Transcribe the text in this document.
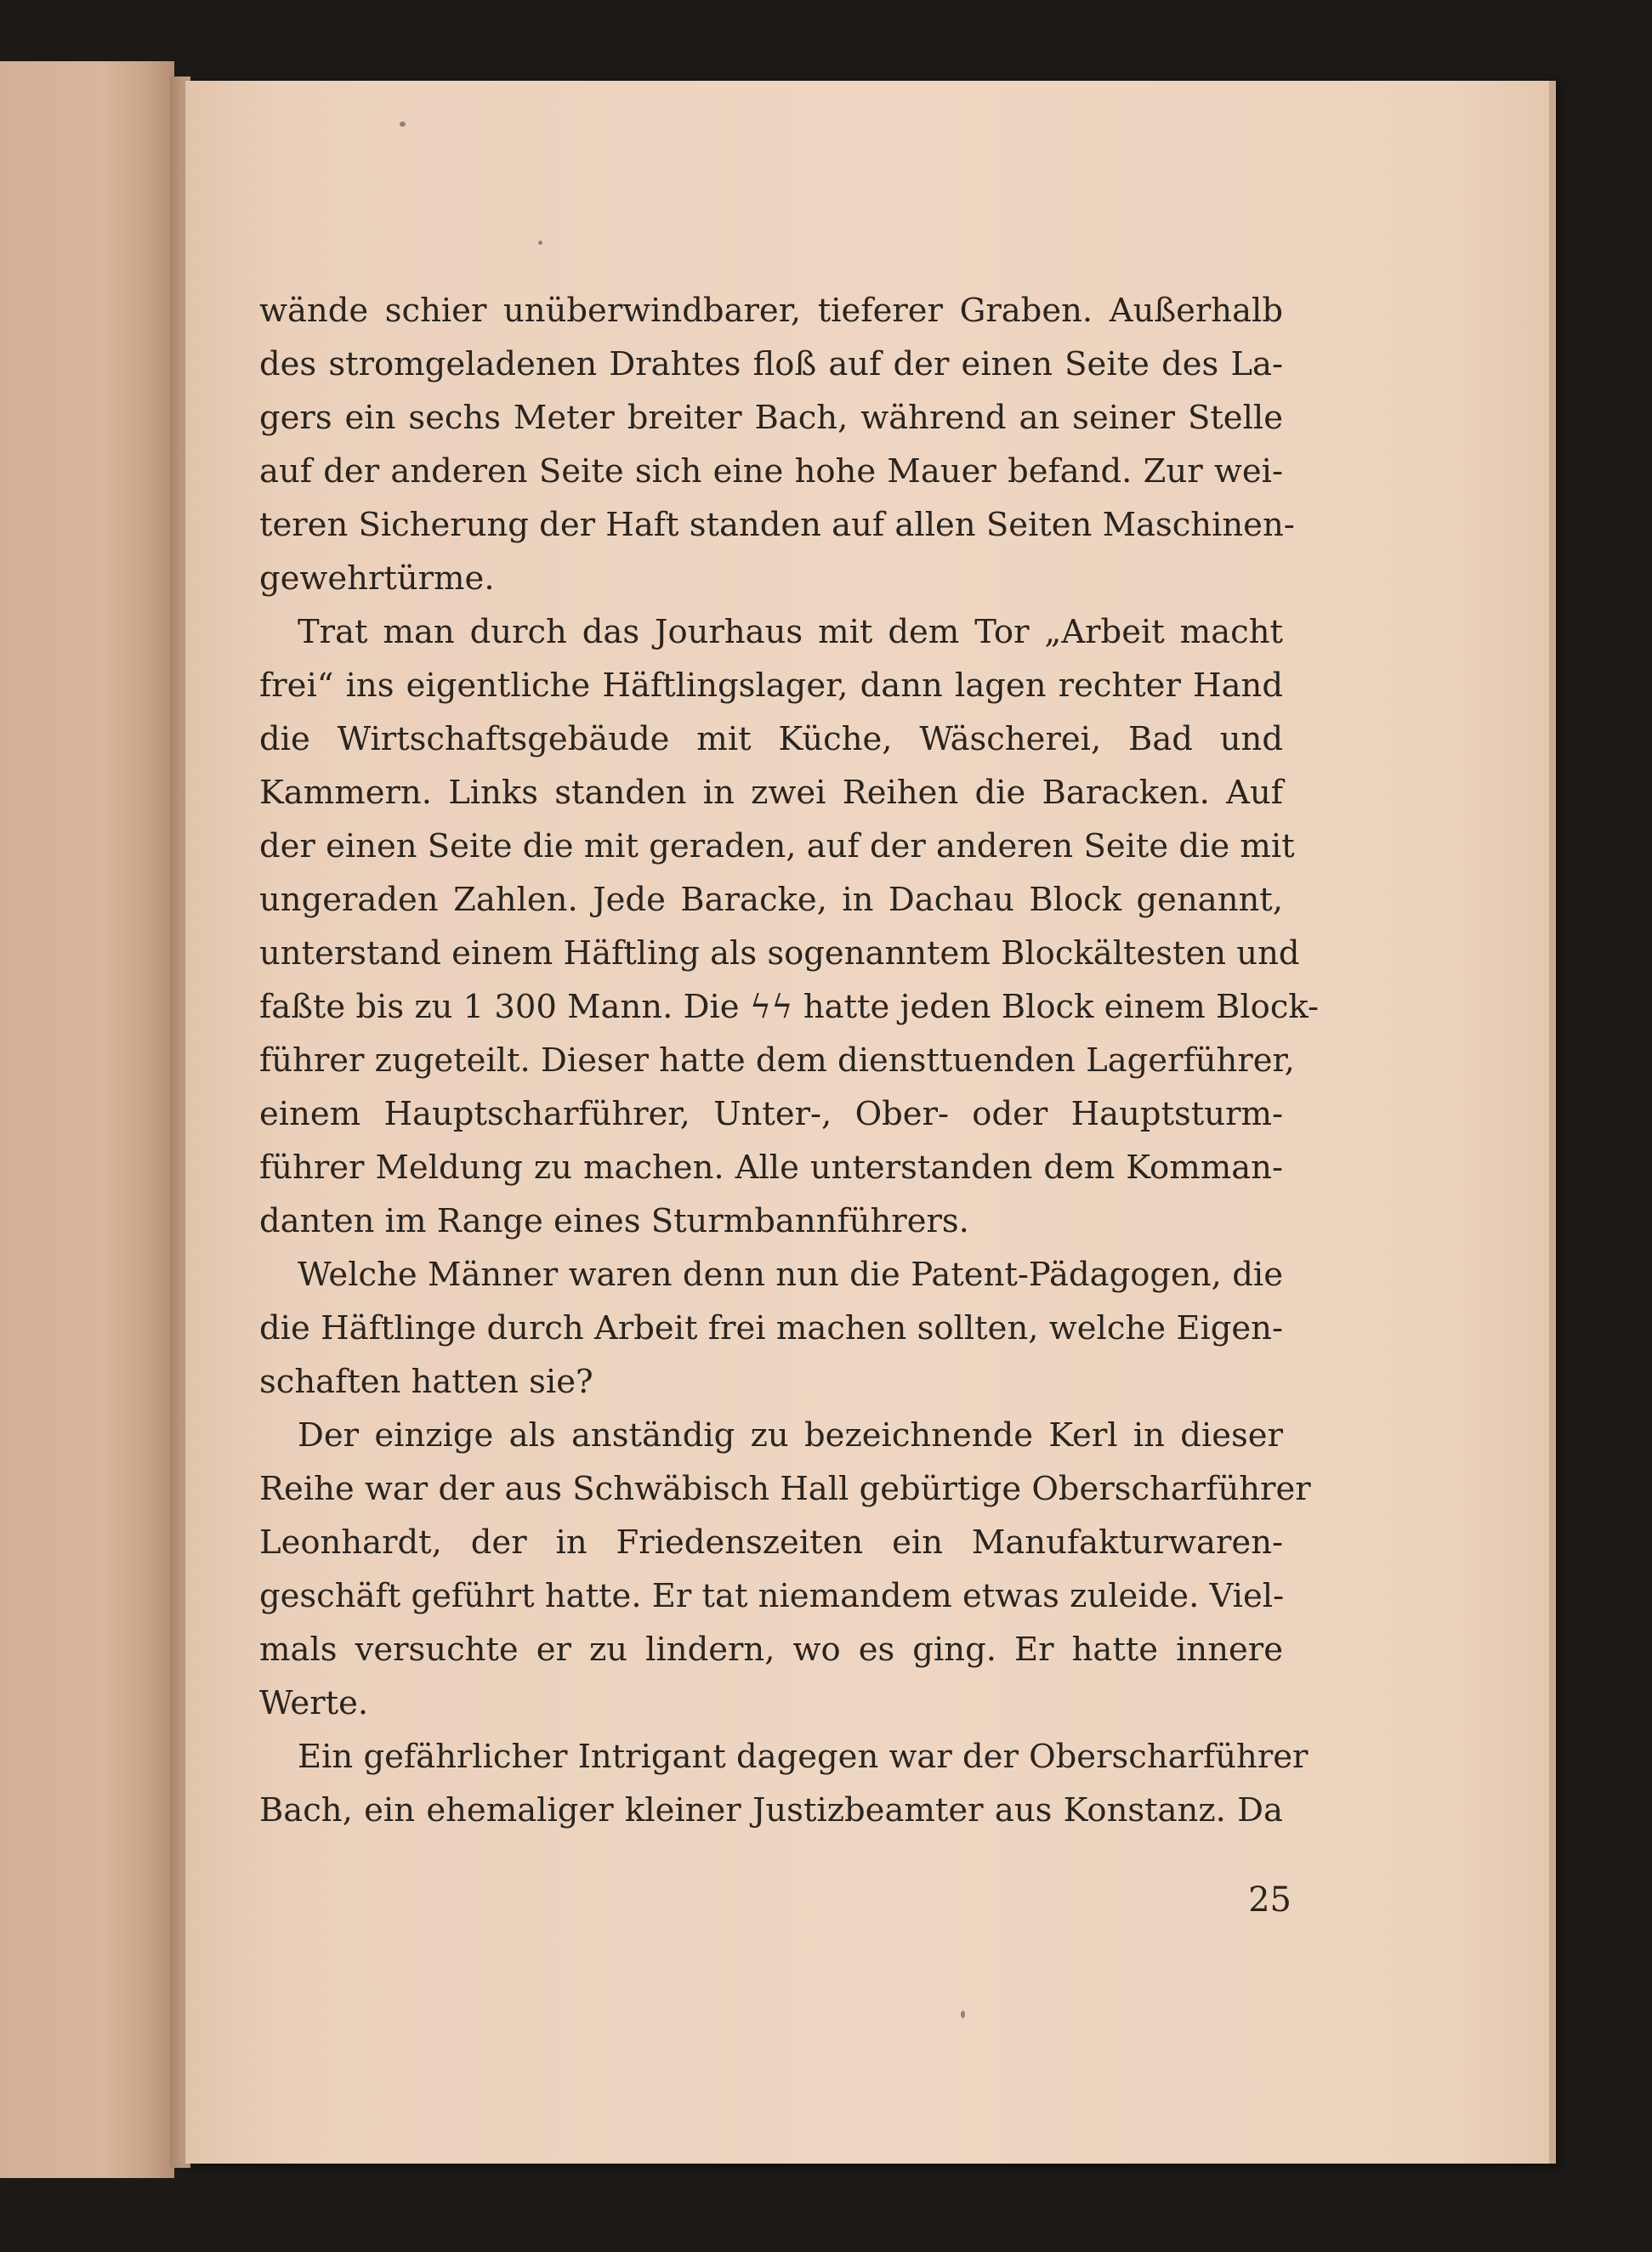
wände schier unüberwindbarer, tieferer Graben. Außerhalb
des stromgeladenen Drahtes floß auf der einen Seite des La-
gers ein sechs Meter breiter Bach, während an seiner Stelle
auf der anderen Seite sich eine hohe Mauer befand. Zur wei-
teren Sicherung der Haft standen auf allen Seiten Maschinen-
gewehrtürme.
Trat man durch das Jourhaus mit dem Tor „Arbeit macht
frei“ ins eigentliche Häftlingslager, dann lagen rechter Hand
die Wirtschaftsgebäude mit Küche, Wäscherei, Bad und
Kammern. Links standen in zwei Reihen die Baracken. Auf
der einen Seite die mit geraden, auf der anderen Seite die mit
ungeraden Zahlen. Jede Baracke, in Dachau Block genannt,
unterstand einem Häftling als sogenanntem Blockältesten und
faßte bis zu 1 300 Mann. Die ϟϟ hatte jeden Block einem Block-
führer zugeteilt. Dieser hatte dem diensttuenden Lagerführer,
einem Hauptscharführer, Unter-, Ober- oder Hauptsturm-
führer Meldung zu machen. Alle unterstanden dem Komman-
danten im Range eines Sturmbannführers.
Welche Männer waren denn nun die Patent-Pädagogen, die
die Häftlinge durch Arbeit frei machen sollten, welche Eigen-
schaften hatten sie?
Der einzige als anständig zu bezeichnende Kerl in dieser
Reihe war der aus Schwäbisch Hall gebürtige Oberscharführer
Leonhardt, der in Friedenszeiten ein Manufakturwaren-
geschäft geführt hatte. Er tat niemandem etwas zuleide. Viel-
mals versuchte er zu lindern, wo es ging. Er hatte innere
Werte.
Ein gefährlicher Intrigant dagegen war der Oberscharführer
Bach, ein ehemaliger kleiner Justizbeamter aus Konstanz. Da
25
